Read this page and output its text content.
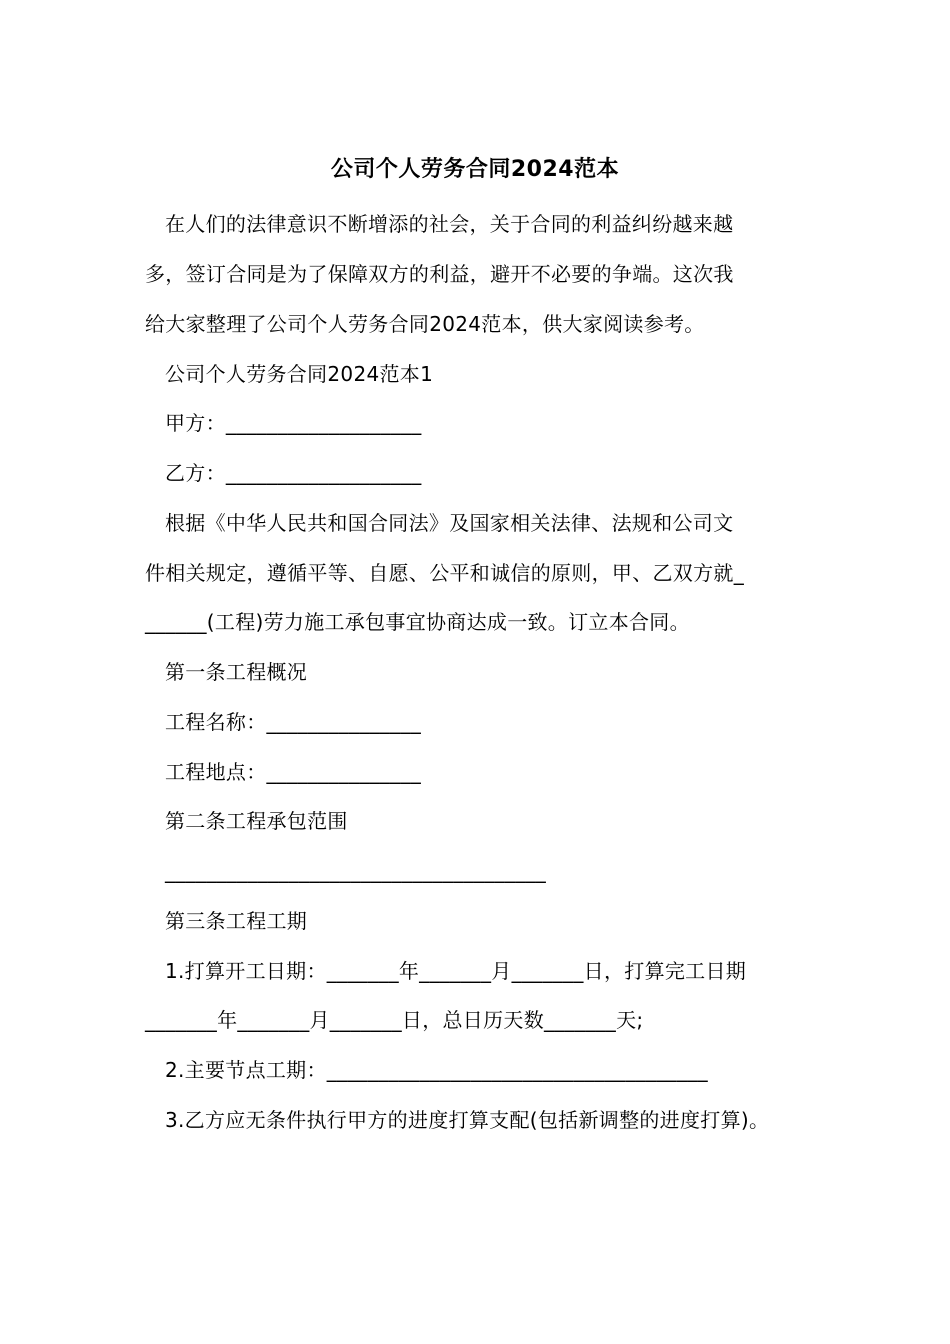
公司个人劳务合同2024范本
在人们的法律意识不断增添的社会，关于合同的利益纠纷越来越
多，签订合同是为了保障双方的利益，避开不必要的争端。这次我
给大家整理了公司个人劳务合同2024范本，供大家阅读参考。
公司个人劳务合同2024范本1
甲方：___________________
乙方：___________________
根据《中华人民共和国合同法》及国家相关法律、法规和公司文
件相关规定，遵循平等、自愿、公平和诚信的原则，甲、乙双方就_
______(工程)劳力施工承包事宜协商达成一致。订立本合同。
第一条工程概况
工程名称：_______________
工程地点：_______________
第二条工程承包范围
_____________________________________
第三条工程工期
1.打算开工日期：_______年_______月_______日，打算完工日期
_______年_______月_______日，总日历天数_______天;
2.主要节点工期：_____________________________________
3.乙方应无条件执行甲方的进度打算支配(包括新调整的进度打算)。
